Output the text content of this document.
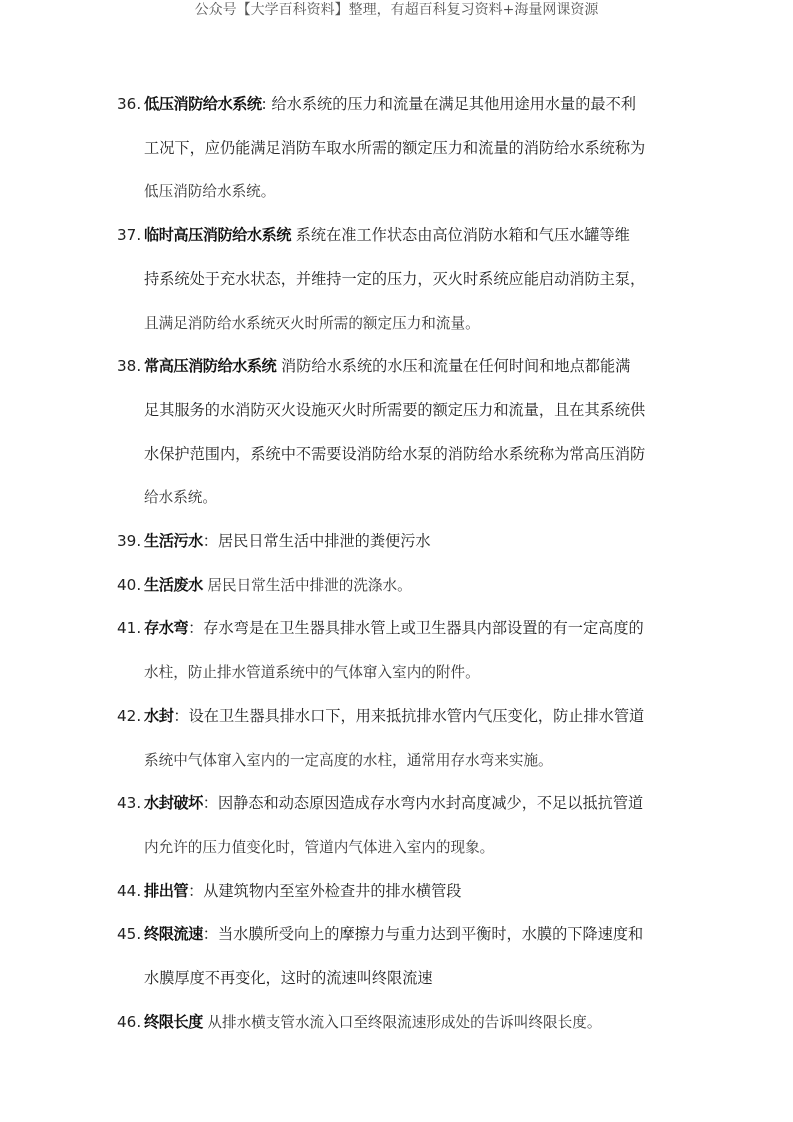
公众号【大学百科资料】整理，有超百科复习资料+海量网课资源
36. 低压消防给水系统: 给水系统的压力和流量在满足其他用途用水量的最不利
工况下，应仍能满足消防车取水所需的额定压力和流量的消防给水系统称为
低压消防给水系统。
37. 临时高压消防给水系统 系统在准工作状态由高位消防水箱和气压水罐等维
持系统处于充水状态，并维持一定的压力，灭火时系统应能启动消防主泵，
且满足消防给水系统灭火时所需的额定压力和流量。
38. 常高压消防给水系统 消防给水系统的水压和流量在任何时间和地点都能满
足其服务的水消防灭火设施灭火时所需要的额定压力和流量，且在其系统供
水保护范围内，系统中不需要设消防给水泵的消防给水系统称为常高压消防
给水系统。
39. 生活污水：居民日常生活中排泄的粪便污水
40. 生活废水 居民日常生活中排泄的洗涤水。
41. 存水弯：存水弯是在卫生器具排水管上或卫生器具内部设置的有一定高度的
水柱，防止排水管道系统中的气体窜入室内的附件。
42. 水封：设在卫生器具排水口下，用来抵抗排水管内气压变化，防止排水管道
系统中气体窜入室内的一定高度的水柱，通常用存水弯来实施。
43. 水封破坏：因静态和动态原因造成存水弯内水封高度减少，不足以抵抗管道
内允许的压力值变化时，管道内气体进入室内的现象。
44. 排出管：从建筑物内至室外检查井的排水横管段
45. 终限流速：当水膜所受向上的摩擦力与重力达到平衡时，水膜的下降速度和
水膜厚度不再变化，这时的流速叫终限流速
46. 终限长度 从排水横支管水流入口至终限流速形成处的告诉叫终限长度。
